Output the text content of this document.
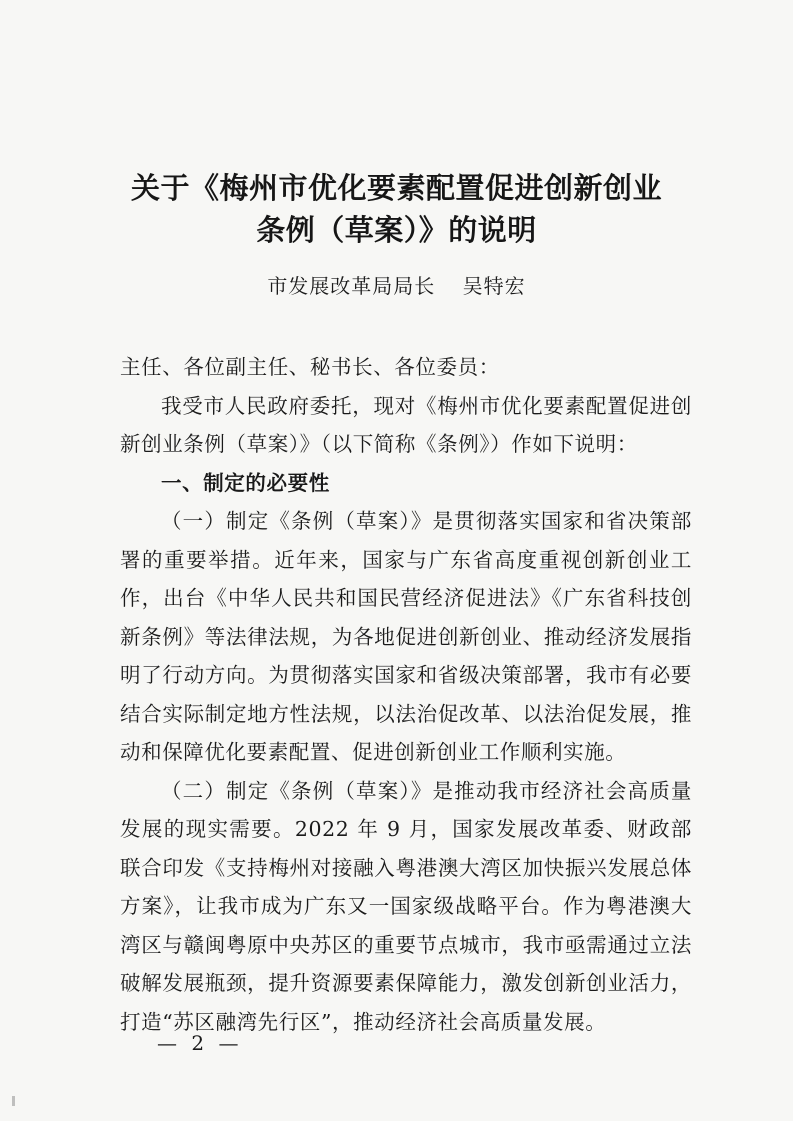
关于《梅州市优化要素配置促进创新创业
条例（草案）》的说明
市发展改革局局长 吴特宏

主任、各位副主任、秘书长、各位委员：

我受市人民政府委托，现对《梅州市优化要素配置促进创新创业条例（草案）》（以下简称《条例》）作如下说明：

一、制定的必要性

（一）制定《条例（草案）》是贯彻落实国家和省决策部署的重要举措。近年来，国家与广东省高度重视创新创业工作，出台《中华人民共和国民营经济促进法》《广东省科技创新条例》等法律法规，为各地促进创新创业、推动经济发展指明了行动方向。为贯彻落实国家和省级决策部署，我市有必要结合实际制定地方性法规，以法治促改革、以法治促发展，推动和保障优化要素配置、促进创新创业工作顺利实施。

（二）制定《条例（草案）》是推动我市经济社会高质量发展的现实需要。2022 年 9 月，国家发展改革委、财政部联合印发《支持梅州对接融入粤港澳大湾区加快振兴发展总体方案》，让我市成为广东又一国家级战略平台。作为粤港澳大湾区与赣闽粤原中央苏区的重要节点城市，我市亟需通过立法破解发展瓶颈，提升资源要素保障能力，激发创新创业活力，打造“苏区融湾先行区”，推动经济社会高质量发展。

— 2 —
